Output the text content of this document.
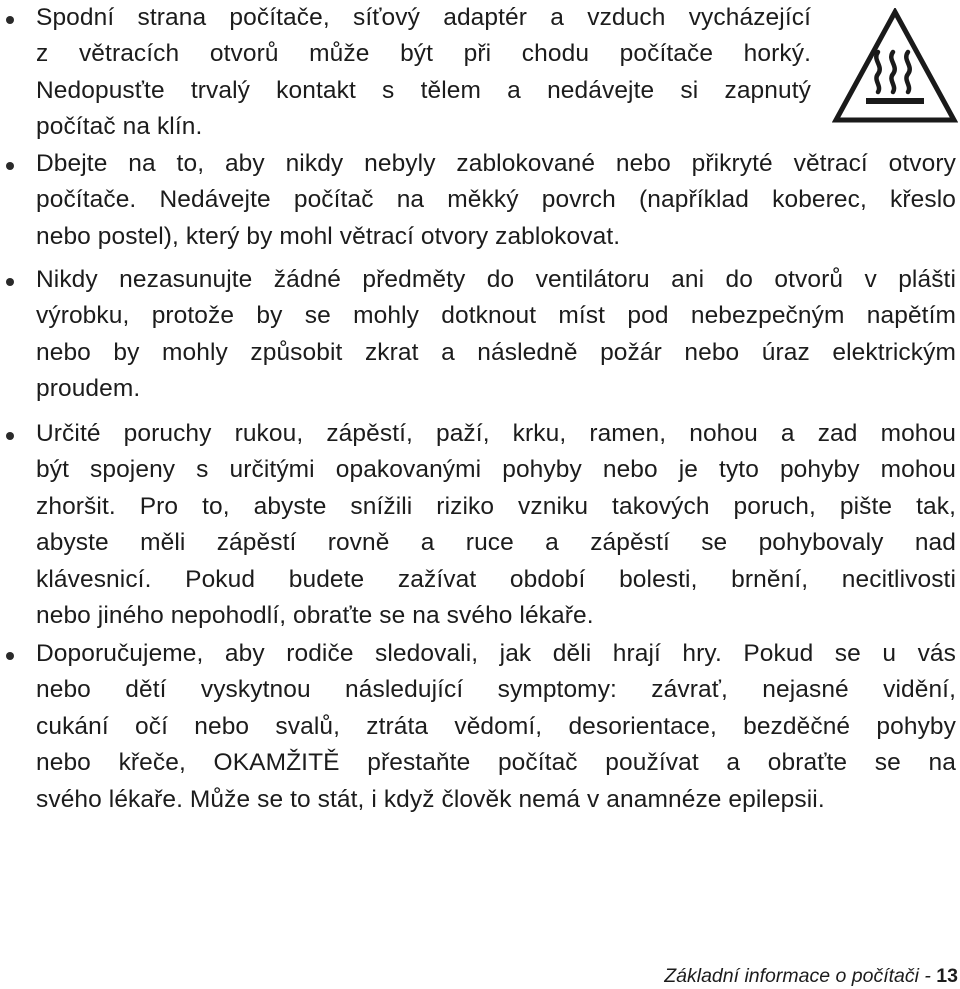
Spodní strana počítače, síťový adaptér a vzduch vycházející
z větracích otvorů může být při chodu počítače horký.
Nedopusťte trvalý kontakt s tělem a nedávejte si zapnutý
počítač na klín.
Dbejte na to, aby nikdy nebyly zablokované nebo přikryté větrací otvory
počítače. Nedávejte počítač na měkký povrch (například koberec, křeslo
nebo postel), který by mohl větrací otvory zablokovat.
Nikdy nezasunujte žádné předměty do ventilátoru ani do otvorů v plášti
výrobku, protože by se mohly dotknout míst pod nebezpečným napětím
nebo by mohly způsobit zkrat a následně požár nebo úraz elektrickým
proudem.
Určité poruchy rukou, zápěstí, paží, krku, ramen, nohou a zad mohou
být spojeny s určitými opakovanými pohyby nebo je tyto pohyby mohou
zhoršit. Pro to, abyste snížili riziko vzniku takových poruch, pište tak,
abyste měli zápěstí rovně a ruce a zápěstí se pohybovaly nad
klávesnicí. Pokud budete zažívat období bolesti, brnění, necitlivosti
nebo jiného nepohodlí, obraťte se na svého lékaře.
Doporučujeme, aby rodiče sledovali, jak děli hrají hry. Pokud se u vás
nebo dětí vyskytnou následující symptomy: závrať, nejasné vidění,
cukání očí nebo svalů, ztráta vědomí, desorientace, bezděčné pohyby
nebo křeče, OKAMŽITĚ přestaňte počítač používat a obraťte se na
svého lékaře. Může se to stát, i když člověk nemá v anamnéze epilepsii.
Základní informace o počítači - 13
